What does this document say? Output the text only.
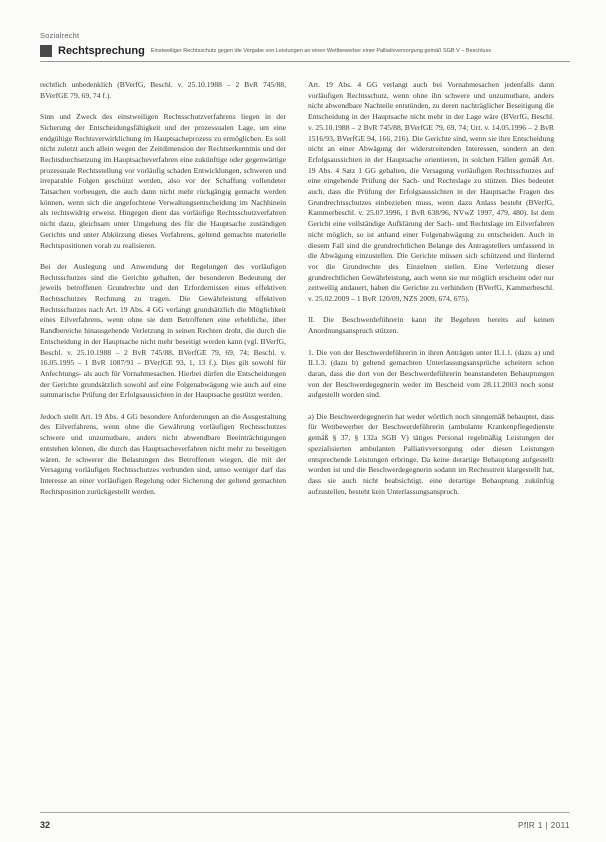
Sozialrecht
Rechtsprechung Einstweiliger Rechtsschutz gegen die Vergabe von Leistungen an einen Wettbewerber einer Palliativversorgung gemäß SGB V – Beschluss

rechtlich unbedenklich (BVerfG, Beschl. v. 25.10.1988 – 2 BvR 745/88, BVerfGE 79, 69, 74 f.).

Sinn und Zweck des einstweiligen Rechtsschutzverfahrens liegen in der Sicherung der Entscheidungsfähigkeit und der prozessualen Lage, um eine endgültige Rechtsverwirklichung im Hauptsacheprozess zu ermöglichen. Es soll nicht zuletzt auch allein wegen der Zeitdimension der Rechtserkenntnis und der Rechtsdurchsetzung im Hauptsacheverfahren eine zukünftige oder gegenwärtige prozessuale Rechtsstellung vor vorläufig schaden Entwicklungen, schweren und irreparable Folgen geschützt werden, also vor der Schaffung vollendeter Tatsachen vorbeugen, die auch dann nicht mehr rückgängig gemacht werden können, wenn sich die angefochtene Verwaltungsentscheidung im Nachhinein als rechtswidrig erweist. Hingegen dient das vorläufige Rechtsschutzverfahren nicht dazu, gleichsam unter Umgehung des für die Hauptsache zuständigen Gerichts und unter Abkürzung dieses Verfahrens, geltend gemachte materielle Rechtspositionen vorab zu realisieren.

Bei der Auslegung und Anwendung der Regelungen des vorläufigen Rechtsschutzes sind die Gerichte gehalten, der besonderen Bedeutung der jeweils betroffenen Grundrechte und den Erfordernissen eines effektiven Rechtsschutzes Rechnung zu tragen. Die Gewährleistung effektiven Rechtsschutzes nach Art. 19 Abs. 4 GG verlangt grundsätzlich die Möglichkeit eines Eilverfahrens, wenn ohne sie dem Betroffenen eine erhebliche, über Randbereiche hinausgehende Verletzung in seinen Rechten droht, die durch die Entscheidung in der Hauptsache nicht mehr beseitigt werden kann (vgl. BVerfG, Beschl. v. 25.10.1988 – 2 BvR 745/88, BVerfGE 79, 69, 74; Beschl. v. 16.05.1995 – 1 BvR 1087/91 – BVerfGE 93, 1, 13 f.). Dies gilt sowohl für Anfechtungs- als auch für Vornahmesachen. Hierbei dürfen die Entscheidungen der Gerichte grundsätzlich sowohl auf eine Folgenabwägung wie auch auf eine summarische Prüfung der Erfolgsaussichten in der Hauptsache gestützt werden.

Jedoch stellt Art. 19 Abs. 4 GG besondere Anforderungen an die Ausgestaltung des Eilverfahrens, wenn ohne die Gewährung vorläufigen Rechtsschutzes schwere und unzumutbare, anders nicht abwendbare Beeinträchtigungen entstehen können, die durch das Hauptsacheverfahren nicht mehr zu beseitigen wären. Je schwerer die Belastungen des Betroffenen wiegen, die mit der Versagung vorläufigen Rechtsschutzes verbunden sind, umso weniger darf das Interesse an einer vorläufigen Regelung oder Sicherung der geltend gemachten Rechtsposition zurückgestellt werden.

Art. 19 Abs. 4 GG verlangt auch bei Vornahmesachen jedenfalls dann vorläufigen Rechtsschutz, wenn ohne ihn schwere und unzumutbare, anders nicht abwendbare Nachteile entstünden, zu deren nachträglicher Beseitigung die Entscheidung in der Hauptsache nicht mehr in der Lage wäre (BVerfG, Beschl. v. 25.10.1988 – 2 BvR 745/88, BVerfGE 79, 69, 74; Urt. v. 14.05.1996 – 2 BvR 1516/93, BVerfGE 94, 166, 216). Die Gerichte sind, wenn sie ihre Entscheidung nicht an einer Abwägung der widerstreitenden Interessen, sondern an den Erfolgsaussichten in der Hauptsache orientieren, in solchen Fällen gemäß Art. 19 Abs. 4 Satz 1 GG gehalten, die Versagung vorläufigen Rechtsschutzes auf eine eingehende Prüfung der Sach- und Rechtslage zu stützen. Dies bedeutet auch, dass die Prüfung der Erfolgsaussichten in der Hauptsache Fragen des Grundrechtsschutzes einbeziehen muss, wenn dazu Anlass besteht (BVerfG, Kammerbeschl. v. 25.07.1996, 1 BvR 638/96, NVwZ 1997, 479, 480). Ist dem Gericht eine vollständige Aufklärung der Sach- und Rechtslage im Eilverfahren nicht möglich, so ist anhand einer Folgenabwägung zu entscheiden. Auch in diesem Fall sind die grundrechtlichen Belange des Antragstellers umfassend in die Abwägung einzustellen. Die Gerichte müssen sich schützend und fördernd vor die Grundrechte des Einzelnen stellen. Eine Verletzung dieser grundrechtlichen Gewährleistung, auch wenn sie nur möglich erscheint oder nur zeitweilig andauert, haben die Gerichte zu verhindern (BVerfG, Kammerbeschl. v. 25.02.2009 – 1 BvR 120/09, NZS 2009, 674, 675).

II. Die Beschwerdeführerin kann ihr Begehren bereits auf keinen Anordnungsanspruch stützen.

1. Die von der Beschwerdeführerin in ihren Anträgen unter II.1.1. (dazu a) und II.1.3. (dazu b) geltend gemachten Unterlassungsansprüche scheitern schon daran, dass die dort von der Beschwerdeführerin beanstandeten Behauptungen von der Beschwerdegegnerin weder im Bescheid vom 28.11.2003 noch sonst aufgestellt worden sind.

a) Die Beschwerdegegnerin hat weder wörtlich noch sinngemäß behauptet, dass für Wettbewerber der Beschwerdeführerin (ambulante Krankenpflegedienste gemäß § 37, § 132a SGB V) tätiges Personal regelmäßig Leistungen der spezialisierten ambulanten Palliativversorgung oder diesen Leistungen entsprechende Leistungen erbringe. Da keine derartige Behauptung aufgestellt worden ist und die Beschwerdegegnerin sodann im Rechtsstreit klargestellt hat, dass sie auch nicht beabsichtigt, eine derartige Behauptung zukünftig aufzustellen, besteht kein Unterlassungsanspruch.

32	PflR 1 | 2011
